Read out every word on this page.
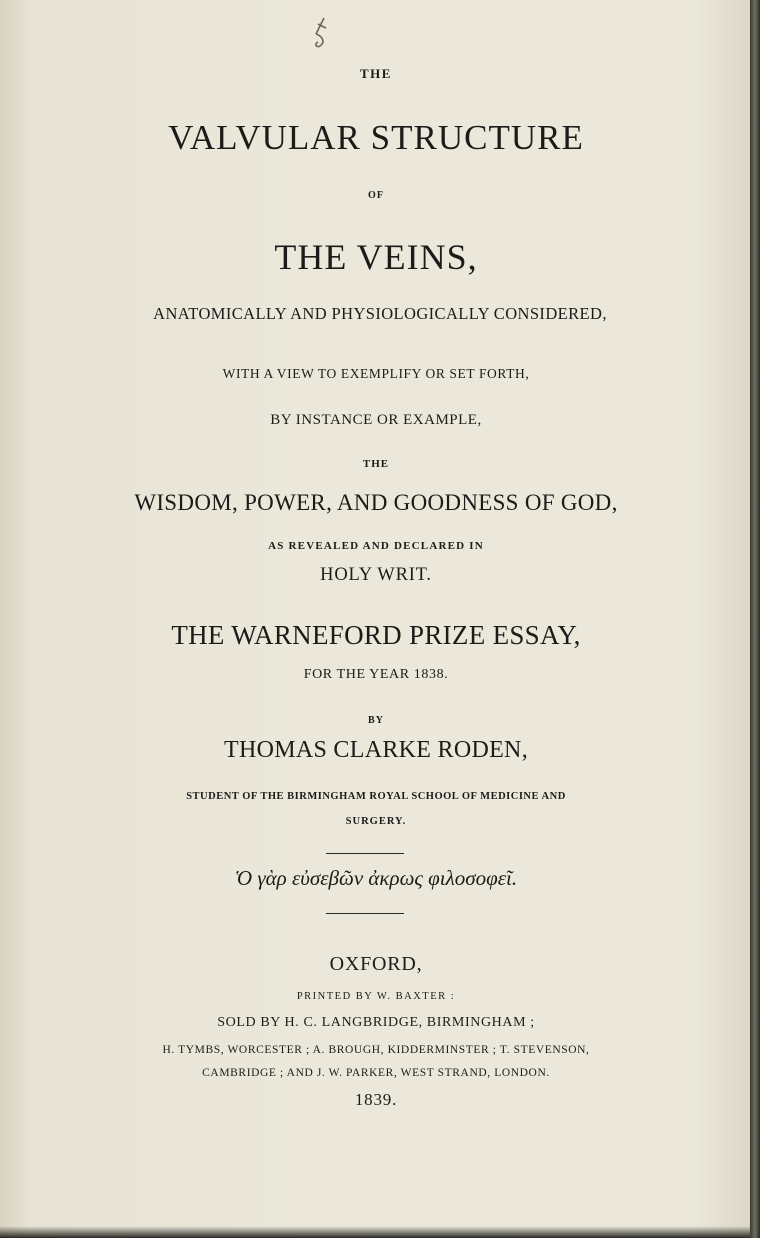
THE

VALVULAR STRUCTURE

OF

THE VEINS,

ANATOMICALLY AND PHYSIOLOGICALLY CONSIDERED,

WITH A VIEW TO EXEMPLIFY OR SET FORTH,

BY INSTANCE OR EXAMPLE,

THE

WISDOM, POWER, AND GOODNESS OF GOD,

AS REVEALED AND DECLARED IN

HOLY WRIT.

THE WARNEFORD PRIZE ESSAY,

FOR THE YEAR 1838.

BY

THOMAS CLARKE RODEN,

STUDENT OF THE BIRMINGHAM ROYAL SCHOOL OF MEDICINE AND

SURGERY.

Ὁ γὰρ εὐσεβῶν ἀκρως φιλοσοφεῖ.

OXFORD,

PRINTED BY W. BAXTER :

SOLD BY H. C. LANGBRIDGE, BIRMINGHAM ;

H. TYMBS, WORCESTER ; A. BROUGH, KIDDERMINSTER ; T. STEVENSON,

CAMBRIDGE ; AND J. W. PARKER, WEST STRAND, LONDON.

1839.
